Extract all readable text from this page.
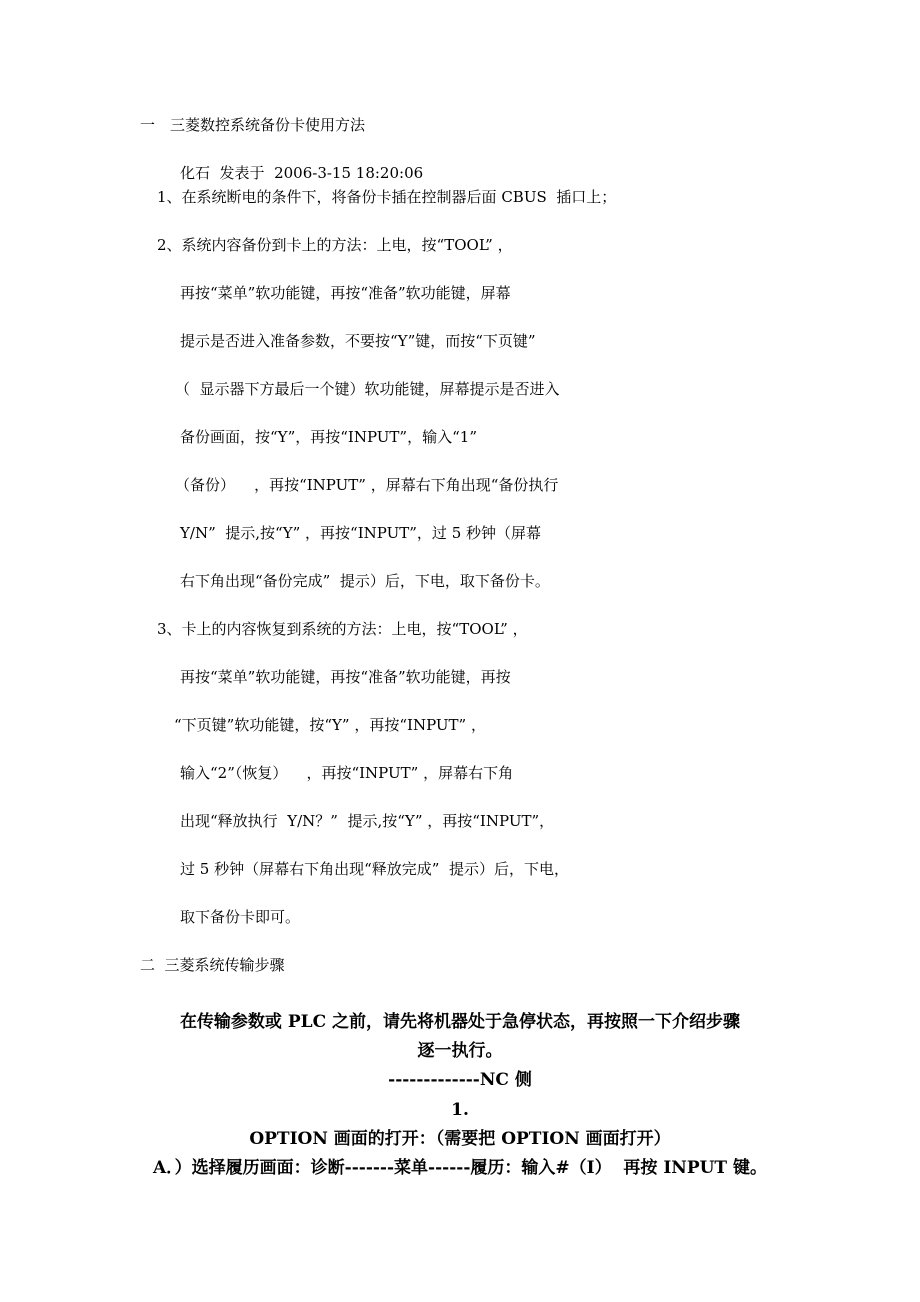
一　三菱数控系统备份卡使用方法
化石  发表于  2006-3-15 18:20:06
1、在系统断电的条件下，将备份卡插在控制器后面 CBUS  插口上；
2、系统内容备份到卡上的方法：上电，按“TOOL” ，
再按“菜单”软功能键，再按“准备”软功能键，屏幕
提示是否进入准备参数，不要按“Y”键，而按“下页键”
（  显示器下方最后一个键）软功能键，屏幕提示是否进入
备份画面，按“Y”，再按“INPUT”，输入“1”
（备份）    ，再按“INPUT” ，屏幕右下角出现“备份执行
Y/N”  提示,按“Y” ，再按“INPUT”，过 5 秒钟（屏幕
右下角出现“备份完成”  提示）后，下电，取下备份卡。
3、卡上的内容恢复到系统的方法：上电，按“TOOL” ，
再按“菜单”软功能键，再按“准备”软功能键，再按
“下页键”软功能键，按“Y” ，再按“INPUT” ，
输入“2”（恢复）    ，再按“INPUT” ，屏幕右下角
出现“释放执行  Y/N？”  提示,按“Y” ，再按“INPUT”，
过 5 秒钟（屏幕右下角出现“释放完成”  提示）后，下电，
取下备份卡即可。
二  三菱系统传输步骤
在传输参数或 PLC 之前，请先将机器处于急停状态，再按照一下介绍步骤
逐一执行。
-------------NC 侧
1.
OPTION 画面的打开：（需要把 OPTION 画面打开）
A．）选择履历画面：诊断-------菜单------履历：输入#（I）  再按 INPUT 键。
